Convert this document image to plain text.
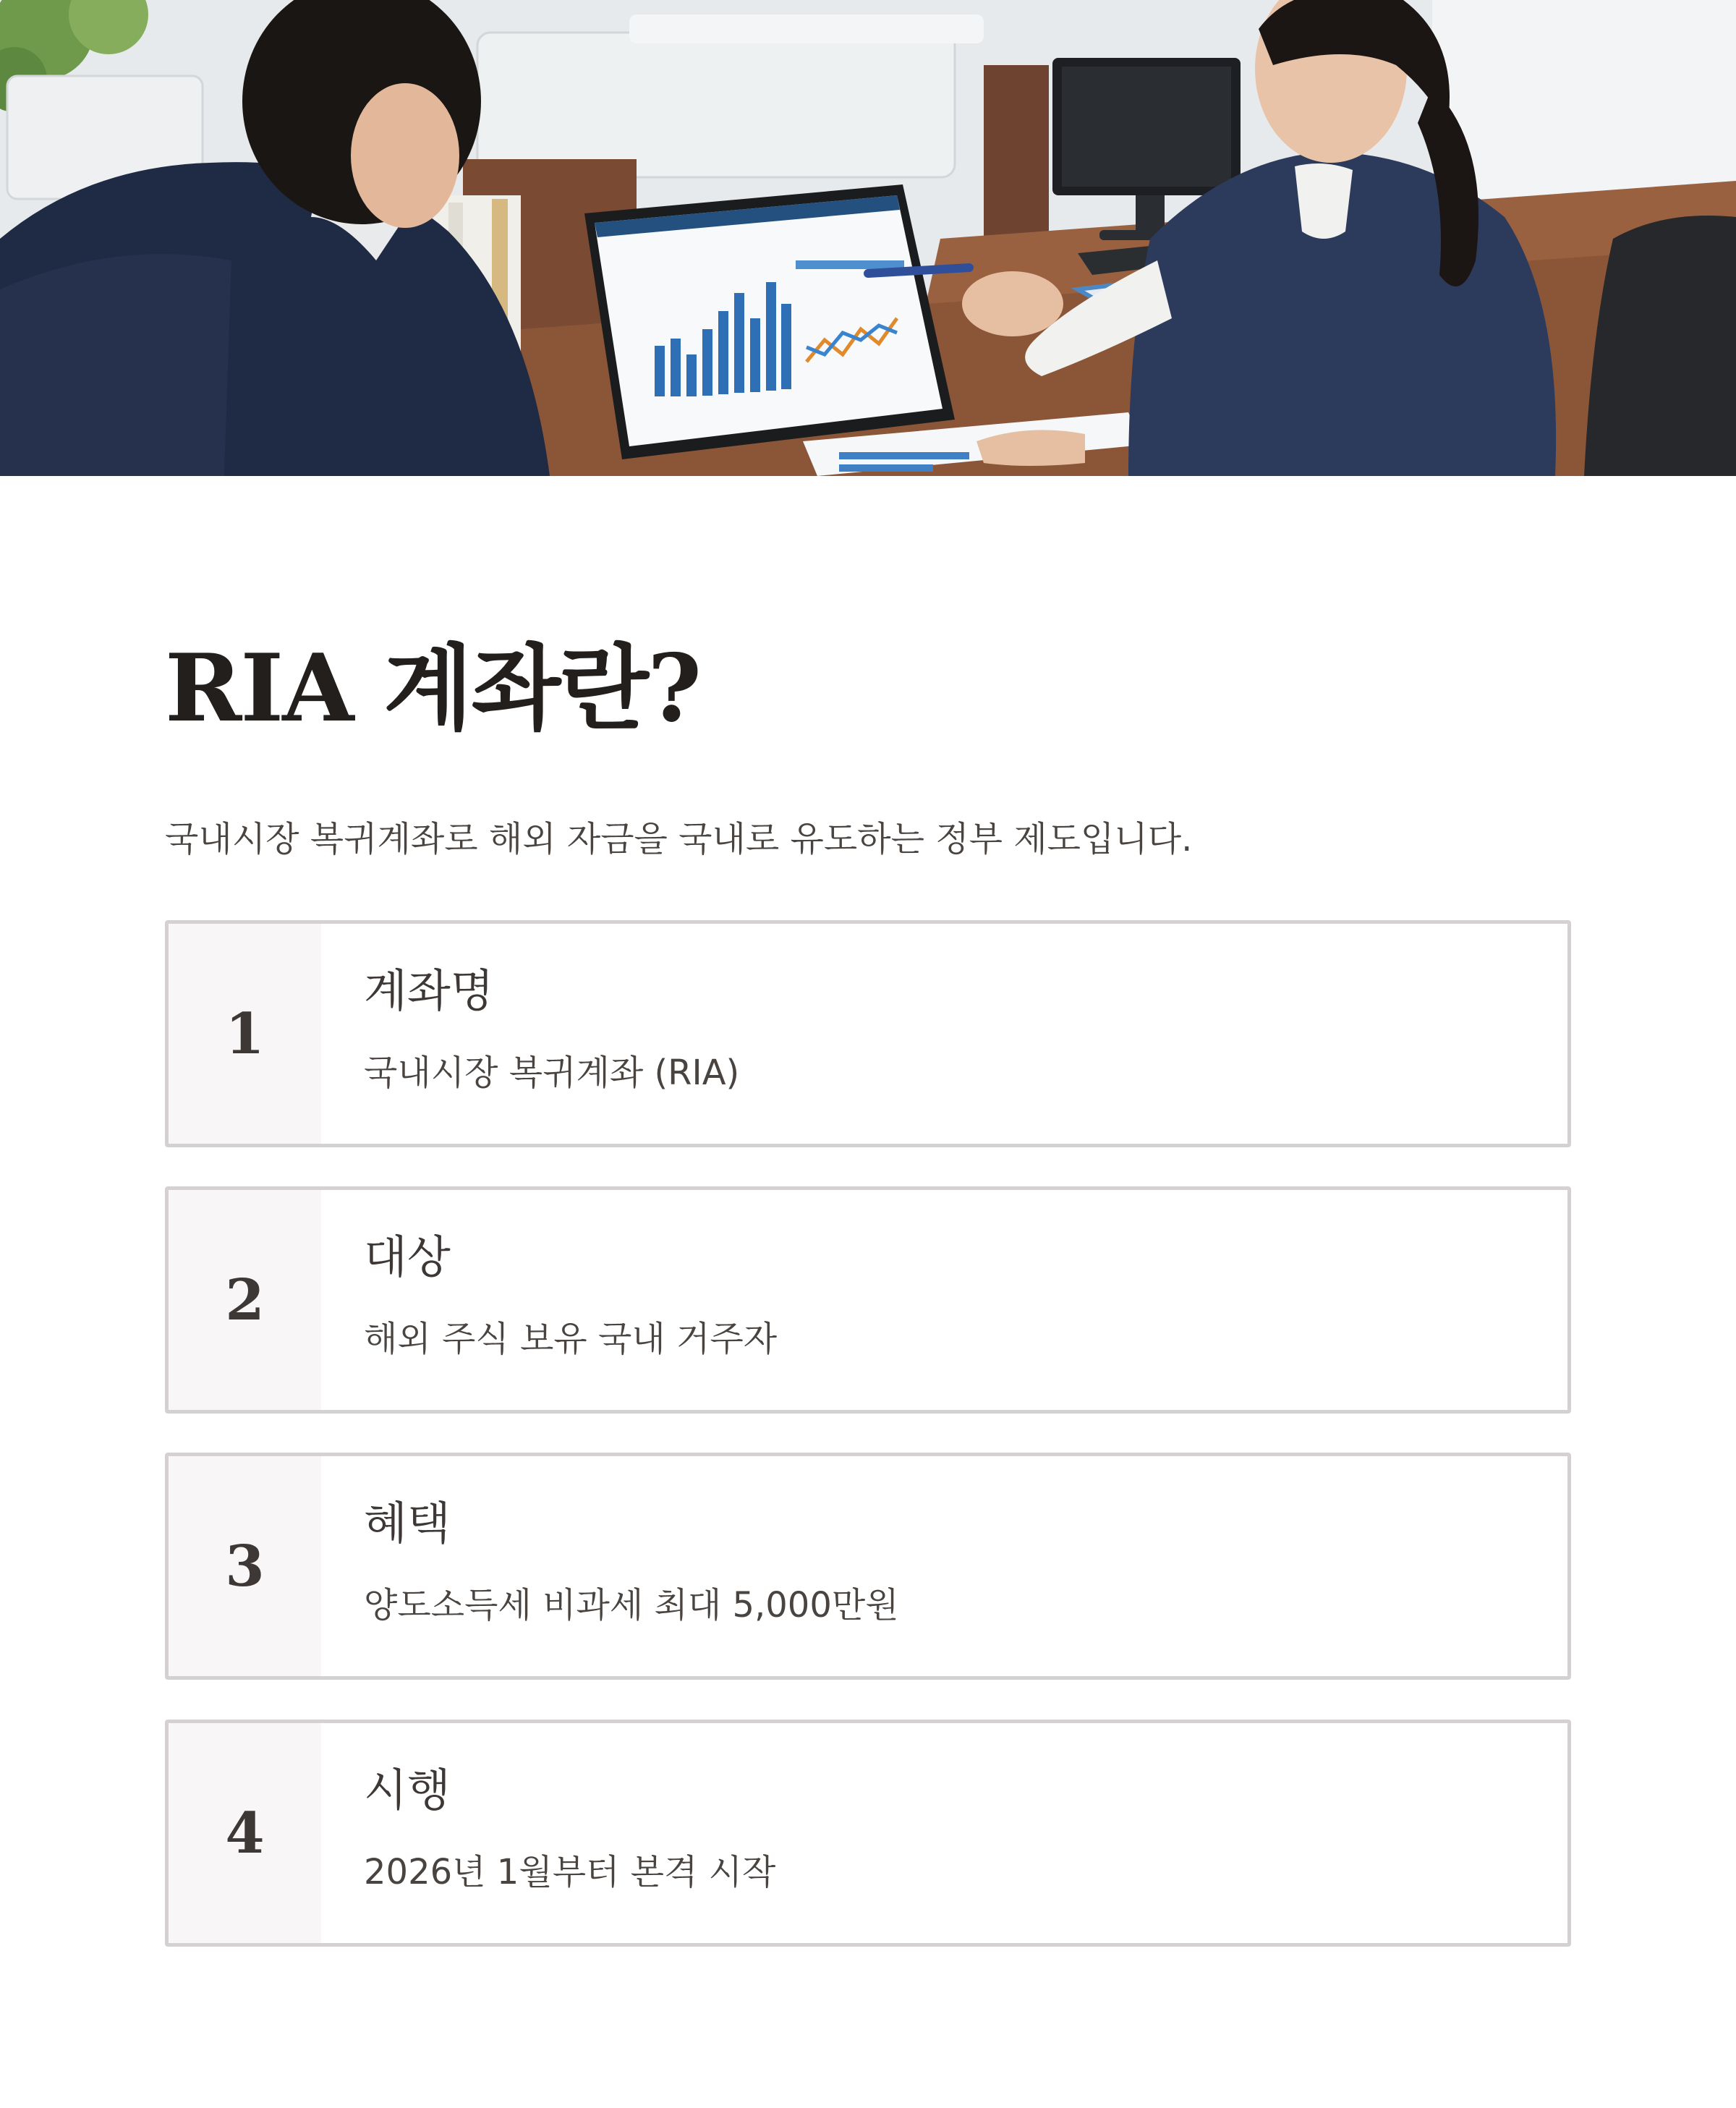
RIA 계좌란?

국내시장 복귀계좌로 해외 자금을 국내로 유도하는 정부 제도입니다.

1

계좌명

국내시장 복귀계좌 (RIA)

2

대상

해외 주식 보유 국내 거주자

3

혜택

양도소득세 비과세 최대 5,000만원

4

시행

2026년 1월부터 본격 시작
